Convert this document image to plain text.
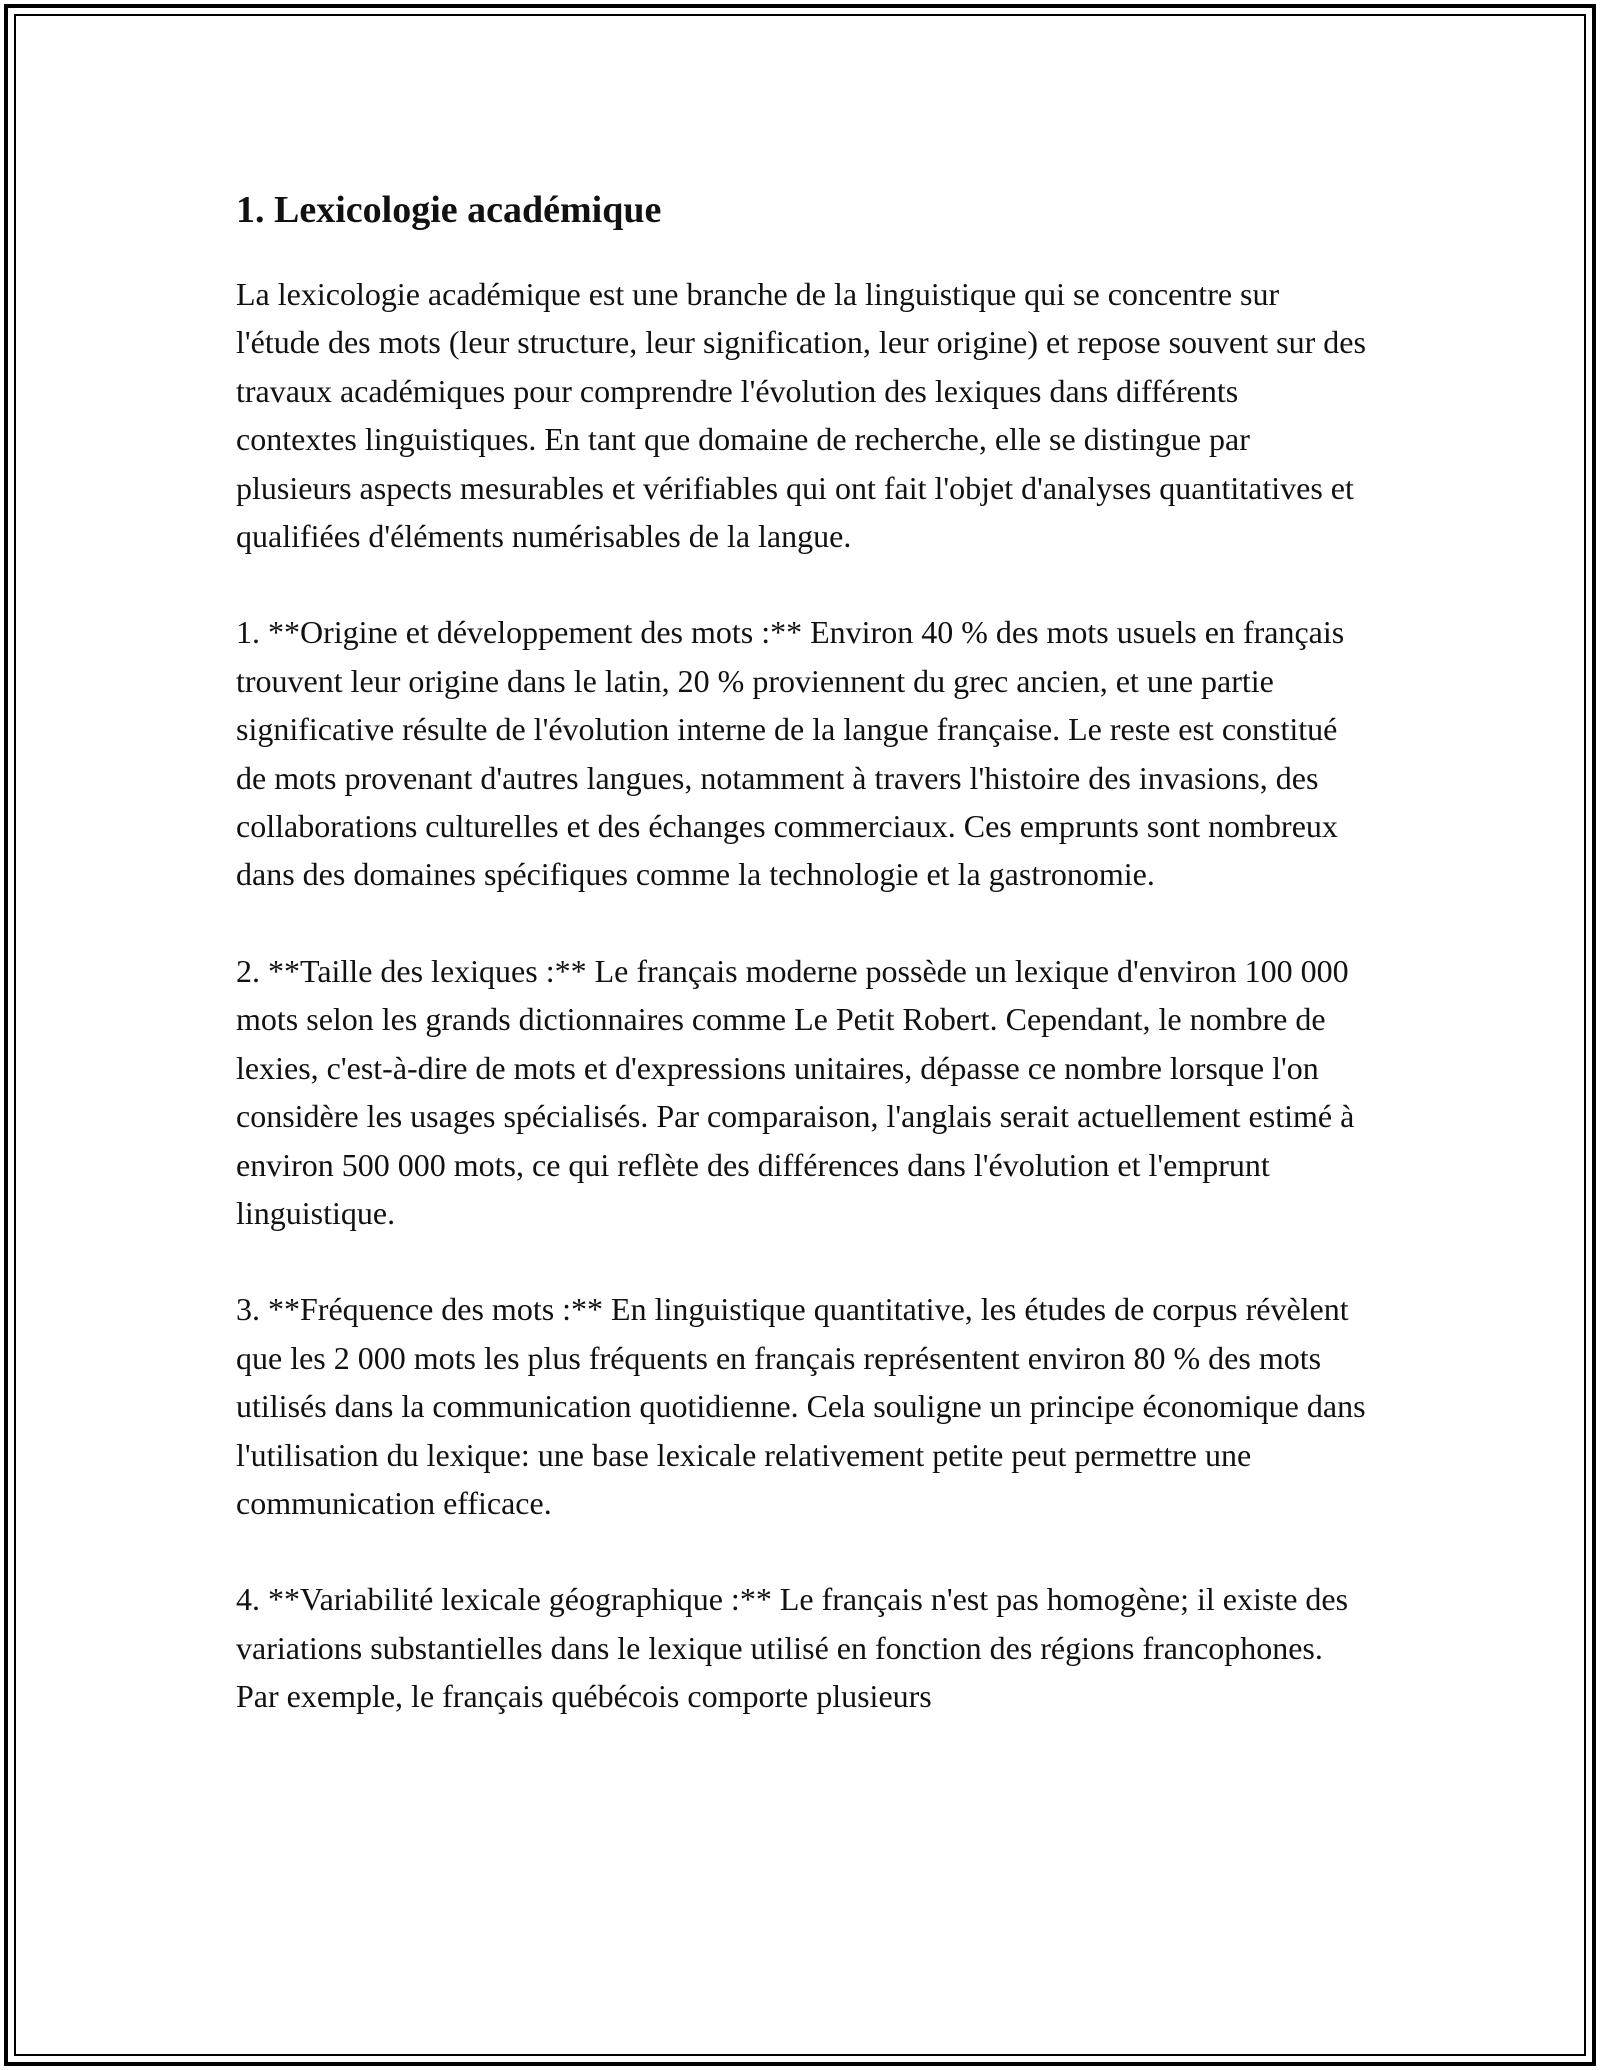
1. Lexicologie académique

La lexicologie académique est une branche de la linguistique qui se concentre sur l'étude des mots (leur structure, leur signification, leur origine) et repose souvent sur des travaux académiques pour comprendre l'évolution des lexiques dans différents contextes linguistiques. En tant que domaine de recherche, elle se distingue par plusieurs aspects mesurables et vérifiables qui ont fait l'objet d'analyses quantitatives et qualifiées d'éléments numérisables de la langue.

1. **Origine et développement des mots :** Environ 40 % des mots usuels en français trouvent leur origine dans le latin, 20 % proviennent du grec ancien, et une partie significative résulte de l'évolution interne de la langue française. Le reste est constitué de mots provenant d'autres langues, notamment à travers l'histoire des invasions, des collaborations culturelles et des échanges commerciaux. Ces emprunts sont nombreux dans des domaines spécifiques comme la technologie et la gastronomie.

2. **Taille des lexiques :** Le français moderne possède un lexique d'environ 100 000 mots selon les grands dictionnaires comme Le Petit Robert. Cependant, le nombre de lexies, c'est-à-dire de mots et d'expressions unitaires, dépasse ce nombre lorsque l'on considère les usages spécialisés. Par comparaison, l'anglais serait actuellement estimé à environ 500 000 mots, ce qui reflète des différences dans l'évolution et l'emprunt linguistique.

3. **Fréquence des mots :** En linguistique quantitative, les études de corpus révèlent que les 2 000 mots les plus fréquents en français représentent environ 80 % des mots utilisés dans la communication quotidienne. Cela souligne un principe économique dans l'utilisation du lexique: une base lexicale relativement petite peut permettre une communication efficace.

4. **Variabilité lexicale géographique :** Le français n'est pas homogène; il existe des variations substantielles dans le lexique utilisé en fonction des régions francophones. Par exemple, le français québécois comporte plusieurs
